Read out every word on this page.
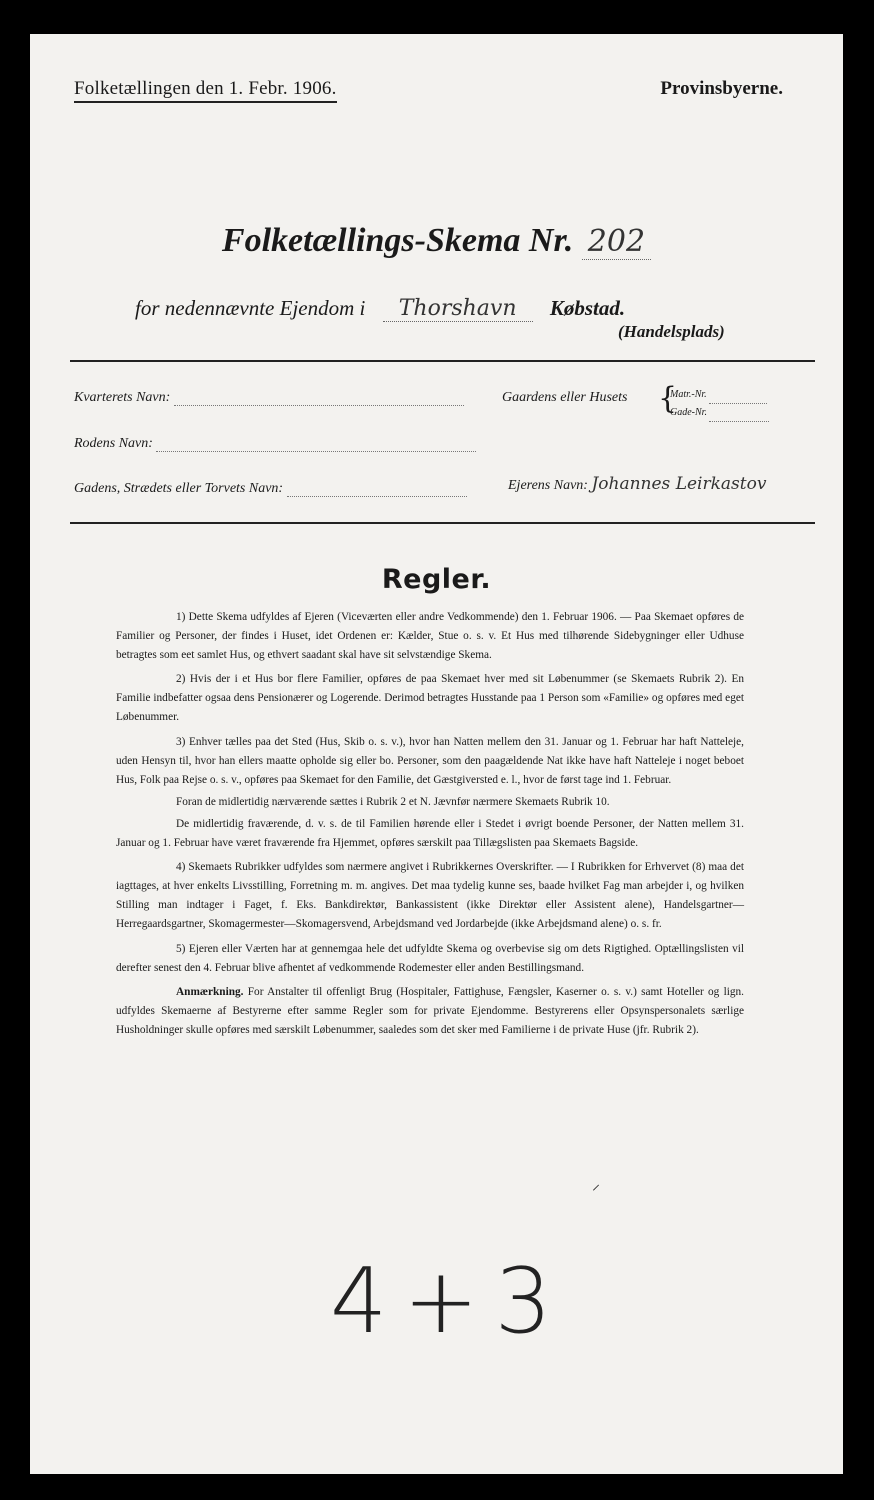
Folketællingen den 1. Febr. 1906.	Provinsbyerne.
Folketællings-Skema Nr. 202
for nedennævnte Ejendom i Thorshavn Købstad.
(Handelsplads)
Kvarterets Navn:	Gaardens eller Husets {
Matr.-Nr.
Gade-Nr.
Rodens Navn:
Gadens, Strædets eller Torvets Navn:	Ejerens Navn: Johannes Leirkastov
Regler.

1) Dette Skema udfyldes af Ejeren (Viceværten eller andre Vedkommende) den 1. Februar 1906. — Paa Skemaet opføres de Familier og Personer, der findes i Huset, idet Ordenen er: Kælder, Stue o. s. v. Et Hus med tilhørende Sidebygninger eller Udhuse betragtes som eet samlet Hus, og ethvert saadant skal have sit selvstændige Skema.

2) Hvis der i et Hus bor flere Familier, opføres de paa Skemaet hver med sit Løbenummer (se Skemaets Rubrik 2). En Familie indbefatter ogsaa dens Pensionærer og Logerende. Derimod betragtes Husstande paa 1 Person som «Familie» og opføres med eget Løbenummer.

3) Enhver tælles paa det Sted (Hus, Skib o. s. v.), hvor han Natten mellem den 31. Januar og 1. Februar har haft Natteleje, uden Hensyn til, hvor han ellers maatte opholde sig eller bo. Personer, som den paagældende Nat ikke have haft Natteleje i noget beboet Hus, Folk paa Rejse o. s. v., opføres paa Skemaet for den Familie, det Gæstgiversted e. l., hvor de først tage ind 1. Februar.

Foran de midlertidig nærværende sættes i Rubrik 2 et N. Jævnfør nærmere Skemaets Rubrik 10.

De midlertidig fraværende, d. v. s. de til Familien hørende eller i Stedet i øvrigt boende Personer, der Natten mellem 31. Januar og 1. Februar have været fraværende fra Hjemmet, opføres særskilt paa Tillægslisten paa Skemaets Bagside.

4) Skemaets Rubrikker udfyldes som nærmere angivet i Rubrikkernes Overskrifter. — I Rubrikken for Erhvervet (8) maa det iagttages, at hver enkelts Livsstilling, Forretning m. m. angives. Det maa tydelig kunne ses, baade hvilket Fag man arbejder i, og hvilken Stilling man indtager i Faget, f. Eks. Bankdirektør, Bankassistent (ikke Direktør eller Assistent alene), Handelsgartner—Herregaardsgartner, Skomagermester—Skomagersvend, Arbejdsmand ved Jordarbejde (ikke Arbejdsmand alene) o. s. fr.

5) Ejeren eller Værten har at gennemgaa hele det udfyldte Skema og overbevise sig om dets Rigtighed. Optællingslisten vil derefter senest den 4. Februar blive afhentet af vedkommende Rodemester eller anden Bestillingsmand.

Anmærkning. For Anstalter til offenligt Brug (Hospitaler, Fattighuse, Fængsler, Kaserner o. s. v.) samt Hoteller og lign. udfyldes Skemaerne af Bestyrerne efter samme Regler som for private Ejendomme. Bestyrerens eller Opsynspersonalets særlige Husholdninger skulle opføres med særskilt Løbenummer, saaledes som det sker med Familierne i de private Huse (jfr. Rubrik 2).

⸍
4+3
